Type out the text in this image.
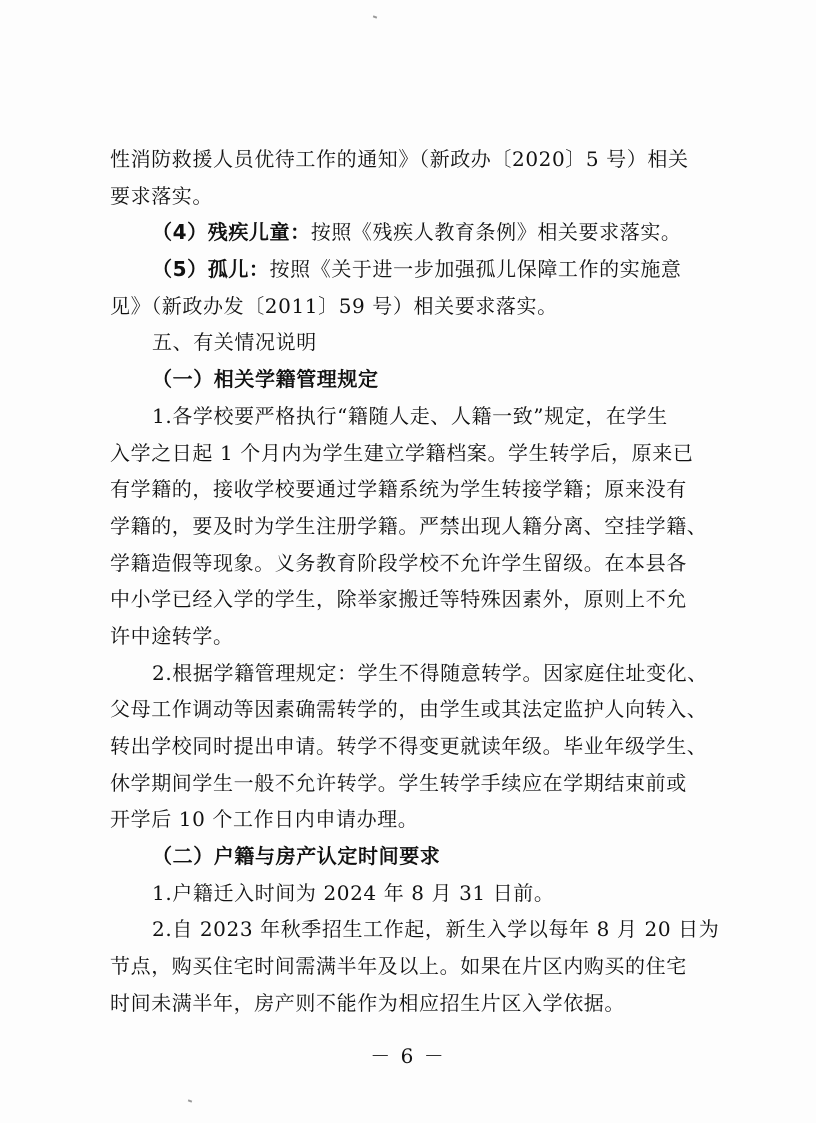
性消防救援人员优待工作的通知》（新政办〔2020〕5 号）相关
要求落实。
（4）残疾儿童：按照《残疾人教育条例》相关要求落实。
（5）孤儿：按照《关于进一步加强孤儿保障工作的实施意
见》（新政办发〔2011〕59 号）相关要求落实。
五、有关情况说明
（一）相关学籍管理规定
1.各学校要严格执行“籍随人走、人籍一致”规定，在学生
入学之日起 1 个月内为学生建立学籍档案。学生转学后，原来已
有学籍的，接收学校要通过学籍系统为学生转接学籍；原来没有
学籍的，要及时为学生注册学籍。严禁出现人籍分离、空挂学籍、
学籍造假等现象。义务教育阶段学校不允许学生留级。在本县各
中小学已经入学的学生，除举家搬迁等特殊因素外，原则上不允
许中途转学。
2.根据学籍管理规定：学生不得随意转学。因家庭住址变化、
父母工作调动等因素确需转学的，由学生或其法定监护人向转入、
转出学校同时提出申请。转学不得变更就读年级。毕业年级学生、
休学期间学生一般不允许转学。学生转学手续应在学期结束前或
开学后 10 个工作日内申请办理。
（二）户籍与房产认定时间要求
1.户籍迁入时间为 2024 年 8 月 31 日前。
2.自 2023 年秋季招生工作起，新生入学以每年 8 月 20 日为
节点，购买住宅时间需满半年及以上。如果在片区内购买的住宅
时间未满半年，房产则不能作为相应招生片区入学依据。
－ 6 －
